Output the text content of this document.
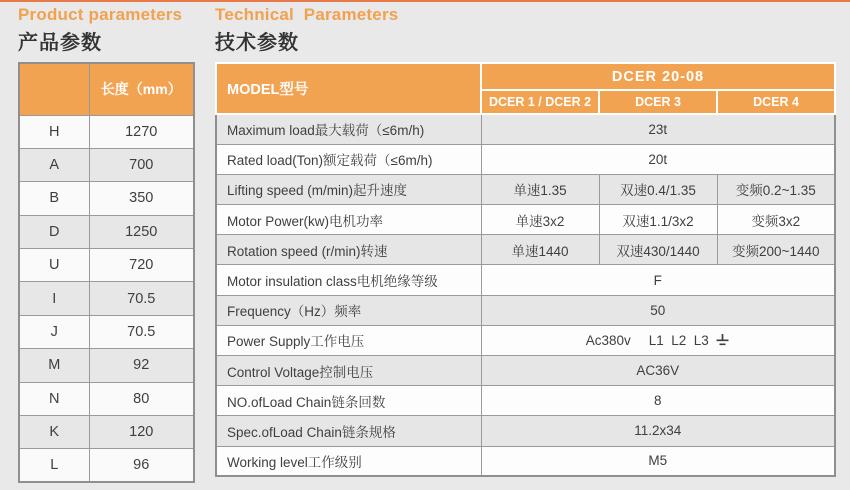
Product parameters
产品参数
	长度（mm）
H	1270
A	700
B	350
D	1250
U	720
I	70.5
J	70.5
M	92
N	80
K	120
L	96
Technical  Parameters
技术参数
MODEL型号	DCER 20-08		
	DCER 1 / DCER 2	DCER 3	DCER 4
Maximum load最大载荷（≤6m/h)	23t		
Rated load(Ton)额定载荷（≤6m/h)	20t		
Lifting speed (m/min)起升速度	单速1.35	双速0.4/1.35	变频0.2~1.35
Motor Power(kw)电机功率	单速3x2	双速1.1/3x2	变频3x2
Rotation speed (r/min)转速	单速1440	双速430/1440	变频200~1440
Motor insulation class电机绝缘等级	F		
Frequency（Hz）频率	50		
Power Supply工作电压	Ac380v L1  L2  L3		
Control Voltage控制电压	AC36V		
NO.ofLoad Chain链条回数	8		
Spec.ofLoad Chain链条规格	11.2x34		
Working level工作级别	M5		
